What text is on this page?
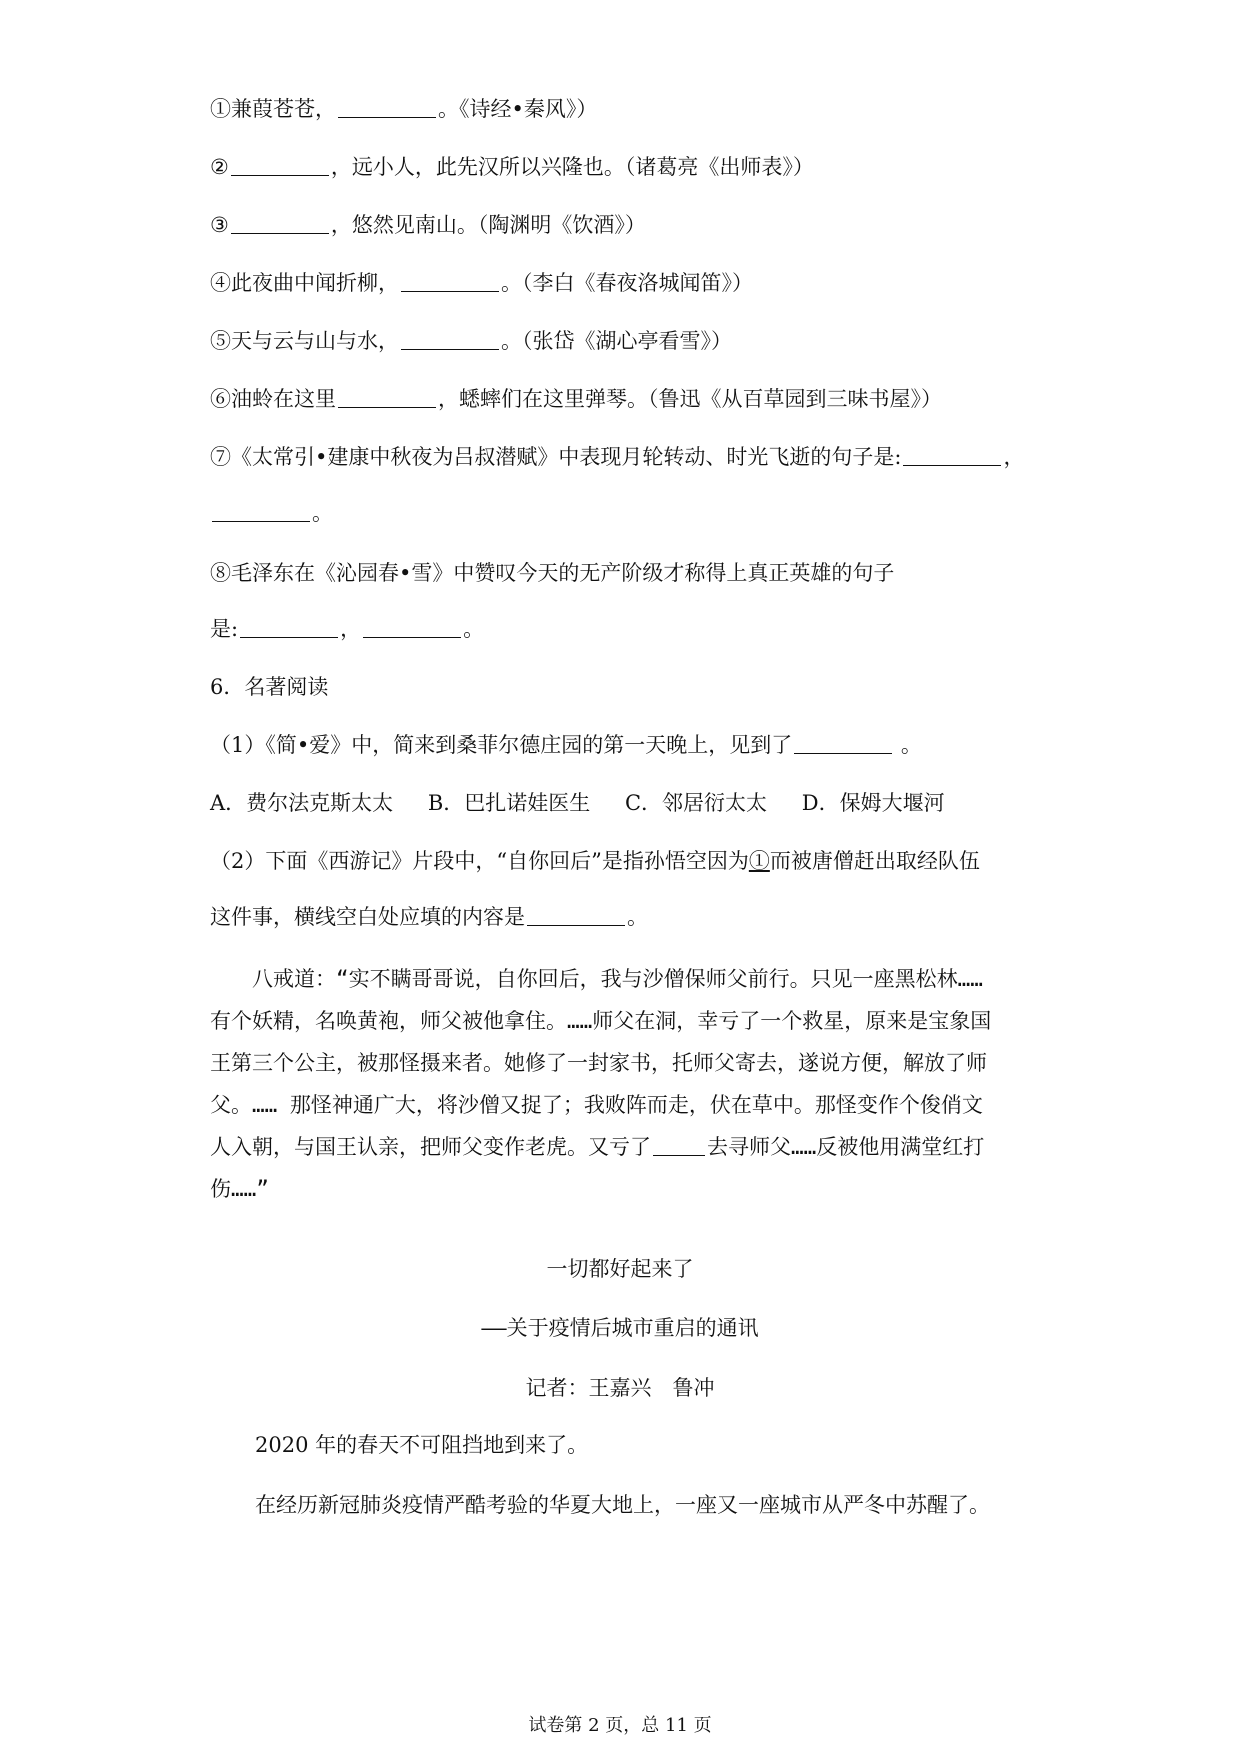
①兼葭苍苍，	。《诗经•秦风》）
②	，远小人，此先汉所以兴隆也。（诸葛亮《出师表》）
③	，悠然见南山。（陶渊明《饮酒》）
④此夜曲中闻折柳，	。（李白《春夜洛城闻笛》）
⑤天与云与山与水，	。（张岱《湖心亭看雪》）
⑥油蛉在这里	，蟋蟀们在这里弹琴。（鲁迅《从百草园到三味书屋》）
⑦《太常引•建康中秋夜为吕叔潜赋》中表现月轮转动、时光飞逝的句子是:	，
。
⑧毛泽东在《沁园春•雪》中赞叹今天的无产阶级才称得上真正英雄的句子
是:	，	。
6．名著阅读
（1）《简•爱》中，简来到桑菲尔德庄园的第一天晚上，见到了	。
A．费尔法克斯太太 B．巴扎诺娃医生 C．邻居衍太太 D．保姆大堰河
（2）下面《西游记》片段中，“自你回后”是指孙悟空因为①而被唐僧赶出取经队伍
这件事，横线空白处应填的内容是	。

八戒道：“实不瞒哥哥说，自你回后，我与沙僧保师父前行。只见一座黑松林……

有个妖精，名唤黄袍，师父被他拿住。……师父在洞，幸亏了一个救星，原来是宝象国

王第三个公主，被那怪摄来者。她修了一封家书，托师父寄去，遂说方便，解放了师

父。…… 那怪神通广大，将沙僧又捉了；我败阵而走，伏在草中。那怪变作个俊俏文

人入朝，与国王认亲，把师父变作老虎。又亏了	去寻师父……反被他用满堂红打

伤……”

一切都好起来了
——关于疫情后城市重启的通讯
记者：王嘉兴　鲁冲
2020 年的春天不可阻挡地到来了。
在经历新冠肺炎疫情严酷考验的华夏大地上，一座又一座城市从严冬中苏醒了。
试卷第 2 页，总 11 页
